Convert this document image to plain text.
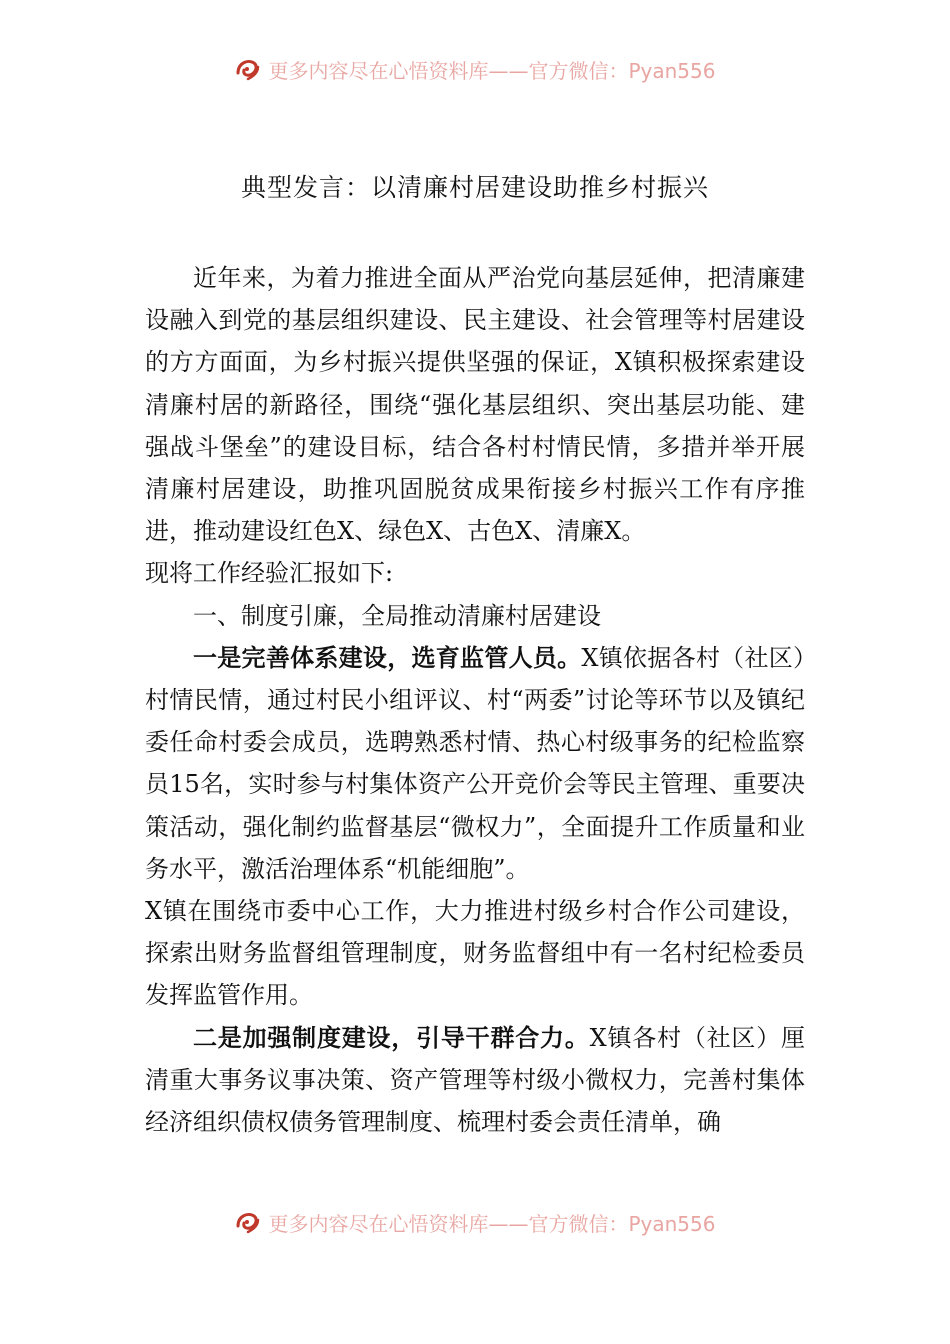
更多内容尽在心悟资料库——官方微信：Pyan556
典型发言：以清廉村居建设助推乡村振兴

近年来，为着力推进全面从严治党向基层延伸，把清廉建设融入到党的基层组织建设、民主建设、社会管理等村居建设的方方面面，为乡村振兴提供坚强的保证，X镇积极探索建设清廉村居的新路径，围绕“强化基层组织、突出基层功能、建强战斗堡垒”的建设目标，结合各村村情民情，多措并举开展清廉村居建设，助推巩固脱贫成果衔接乡村振兴工作有序推进，推动建设红色X、绿色X、古色X、清廉X。

现将工作经验汇报如下:

一、制度引廉，全局推动清廉村居建设

一是完善体系建设，选育监管人员。X镇依据各村（社区）村情民情，通过村民小组评议、村“两委”讨论等环节以及镇纪委任命村委会成员，选聘熟悉村情、热心村级事务的纪检监察员15名，实时参与村集体资产公开竞价会等民主管理、重要决策活动，强化制约监督基层“微权力”，全面提升工作质量和业务水平，激活治理体系“机能细胞”。

X镇在围绕市委中心工作，大力推进村级乡村合作公司建设，探索出财务监督组管理制度，财务监督组中有一名村纪检委员发挥监管作用。

二是加强制度建设，引导干群合力。X镇各村（社区）厘清重大事务议事决策、资产管理等村级小微权力，完善村集体经济组织债权债务管理制度、梳理村委会责任清单，确

更多内容尽在心悟资料库——官方微信：Pyan556
